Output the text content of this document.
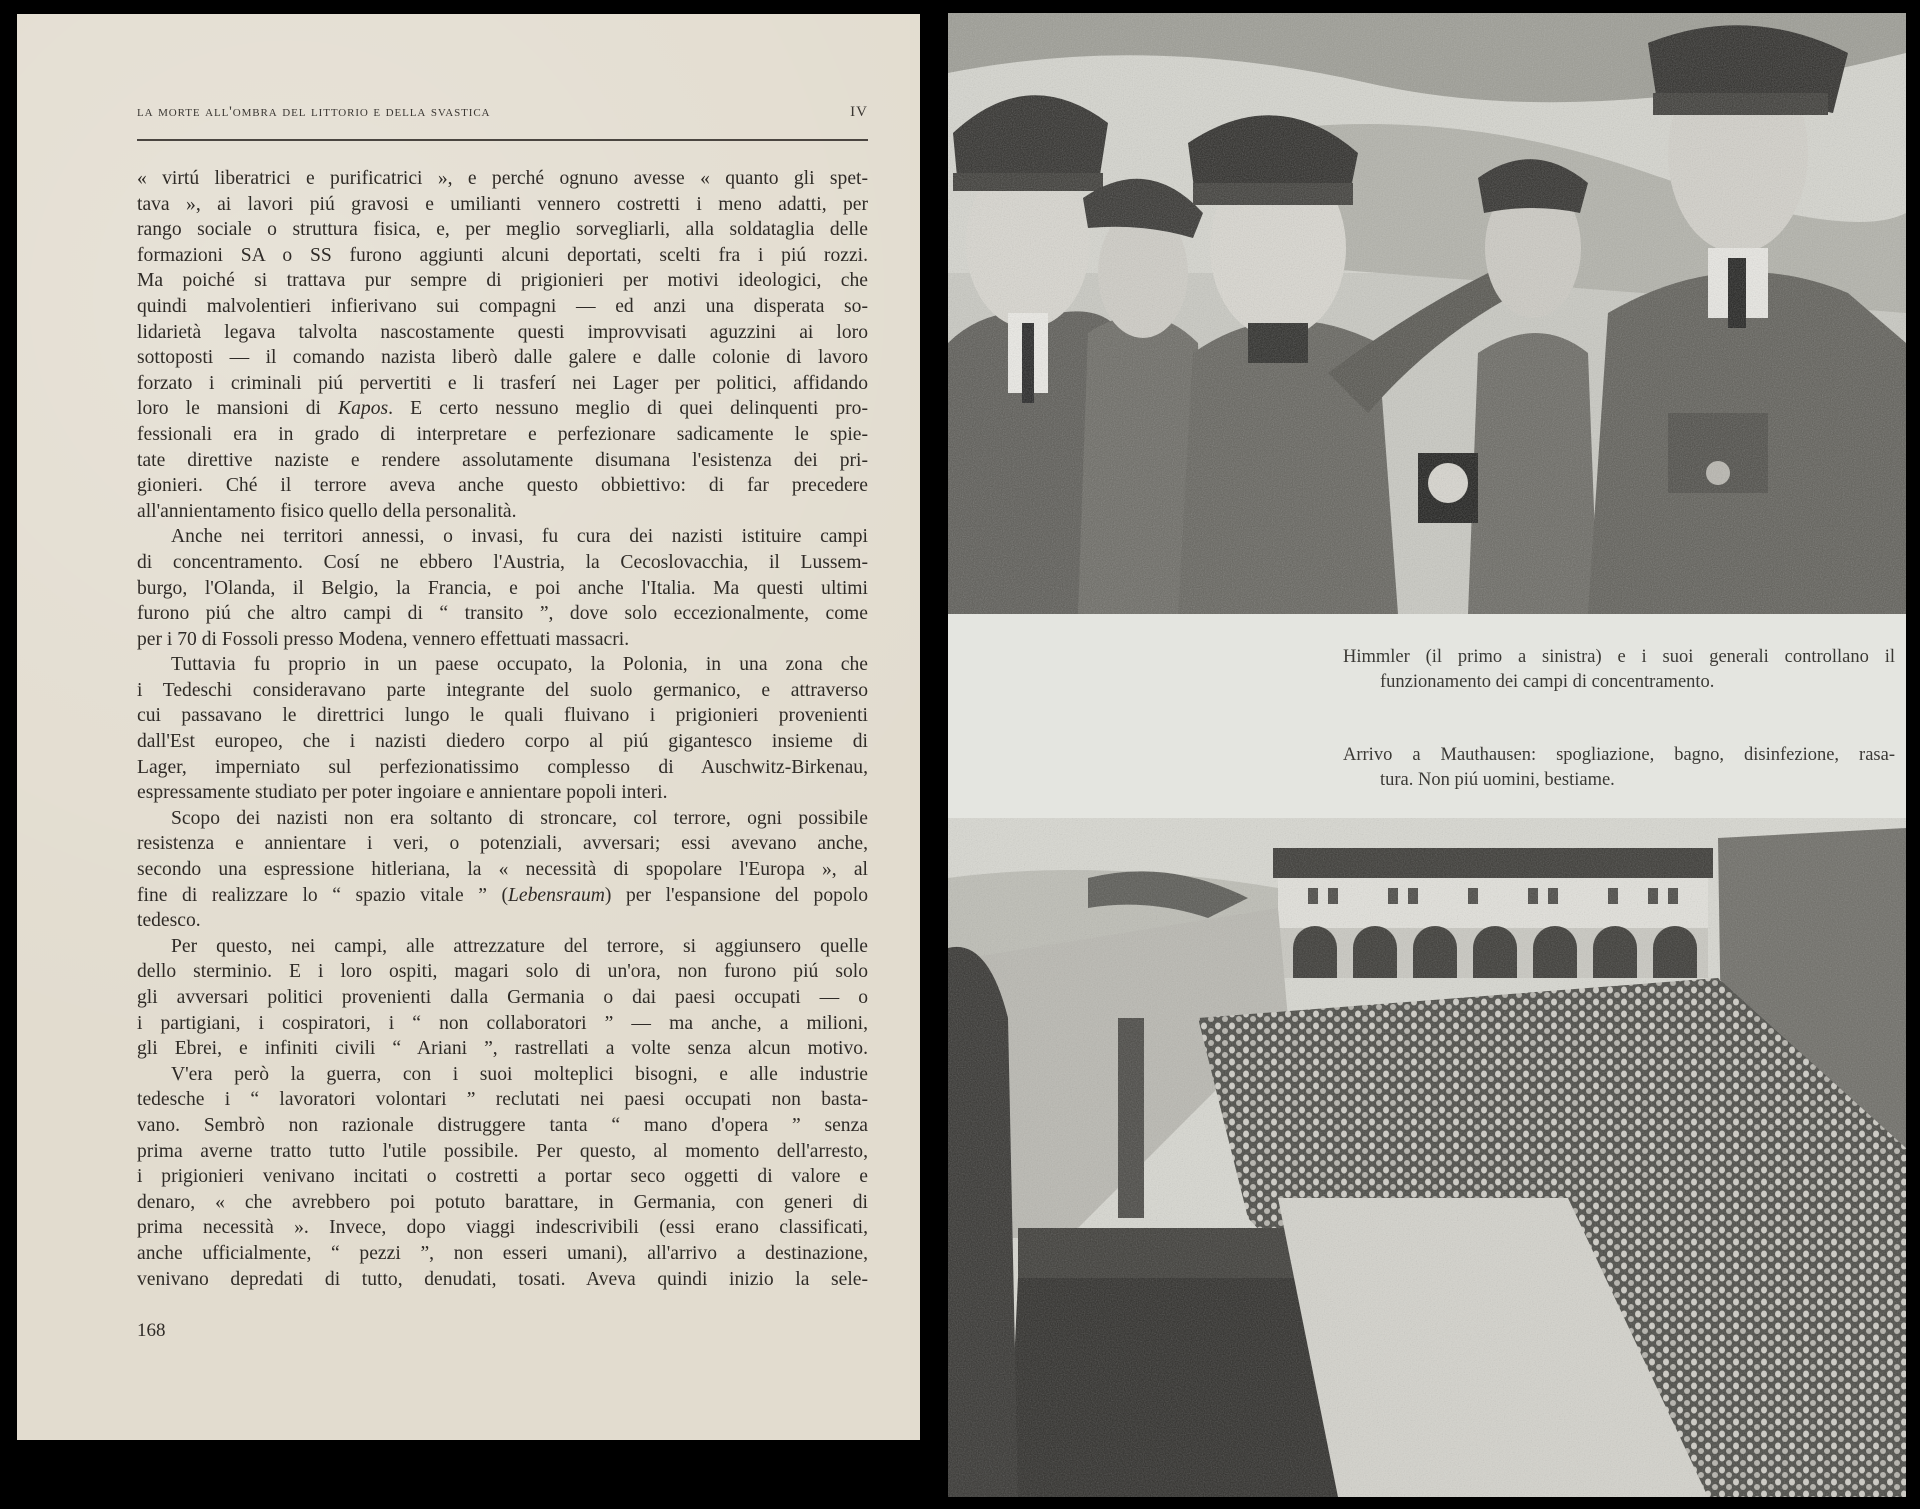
la morte all'ombra del littorio e della svastica	IV
« virtú liberatrici e purificatrici », e perché ognuno avesse « quanto gli spet-
tava », ai lavori piú gravosi e umilianti vennero costretti i meno adatti, per
rango sociale o struttura fisica, e, per meglio sorvegliarli, alla soldataglia delle
formazioni SA o SS furono aggiunti alcuni deportati, scelti fra i piú rozzi.
Ma poiché si trattava pur sempre di prigionieri per motivi ideologici, che
quindi malvolentieri infierivano sui compagni — ed anzi una disperata so-
lidarietà legava talvolta nascostamente questi improvvisati aguzzini ai loro
sottoposti — il comando nazista liberò dalle galere e dalle colonie di lavoro
forzato i criminali piú pervertiti e li trasferí nei Lager per politici, affidando
loro le mansioni di Kapos. E certo nessuno meglio di quei delinquenti pro-
fessionali era in grado di interpretare e perfezionare sadicamente le spie-
tate direttive naziste e rendere assolutamente disumana l'esistenza dei pri-
gionieri. Ché il terrore aveva anche questo obbiettivo: di far precedere
all'annientamento fisico quello della personalità.
Anche nei territori annessi, o invasi, fu cura dei nazisti istituire campi
di concentramento. Cosí ne ebbero l'Austria, la Cecoslovacchia, il Lussem-
burgo, l'Olanda, il Belgio, la Francia, e poi anche l'Italia. Ma questi ultimi
furono piú che altro campi di “ transito ”, dove solo eccezionalmente, come
per i 70 di Fossoli presso Modena, vennero effettuati massacri.
Tuttavia fu proprio in un paese occupato, la Polonia, in una zona che
i Tedeschi consideravano parte integrante del suolo germanico, e attraverso
cui passavano le direttrici lungo le quali fluivano i prigionieri provenienti
dall'Est europeo, che i nazisti diedero corpo al piú gigantesco insieme di
Lager, imperniato sul perfezionatissimo complesso di Auschwitz-Birkenau,
espressamente studiato per poter ingoiare e annientare popoli interi.
Scopo dei nazisti non era soltanto di stroncare, col terrore, ogni possibile
resistenza e annientare i veri, o potenziali, avversari; essi avevano anche,
secondo una espressione hitleriana, la « necessità di spopolare l'Europa », al
fine di realizzare lo “ spazio vitale ” (Lebensraum) per l'espansione del popolo
tedesco.
Per questo, nei campi, alle attrezzature del terrore, si aggiunsero quelle
dello sterminio. E i loro ospiti, magari solo di un'ora, non furono piú solo
gli avversari politici provenienti dalla Germania o dai paesi occupati — o
i partigiani, i cospiratori, i “ non collaboratori ” — ma anche, a milioni,
gli Ebrei, e infiniti civili “ Ariani ”, rastrellati a volte senza alcun motivo.
V'era però la guerra, con i suoi molteplici bisogni, e alle industrie
tedesche i “ lavoratori volontari ” reclutati nei paesi occupati non basta-
vano. Sembrò non razionale distruggere tanta “ mano d'opera ” senza
prima averne tratto tutto l'utile possibile. Per questo, al momento dell'arresto,
i prigionieri venivano incitati o costretti a portar seco oggetti di valore e
denaro, « che avrebbero poi potuto barattare, in Germania, con generi di
prima necessità ». Invece, dopo viaggi indescrivibili (essi erano classificati,
anche ufficialmente, “ pezzi ”, non esseri umani), all'arrivo a destinazione,
venivano depredati di tutto, denudati, tosati. Aveva quindi inizio la sele-
168
Himmler (il primo a sinistra) e i suoi generali controllano il
funzionamento dei campi di concentramento.
Arrivo a Mauthausen: spogliazione, bagno, disinfezione, rasa-
tura. Non piú uomini, bestiame.
